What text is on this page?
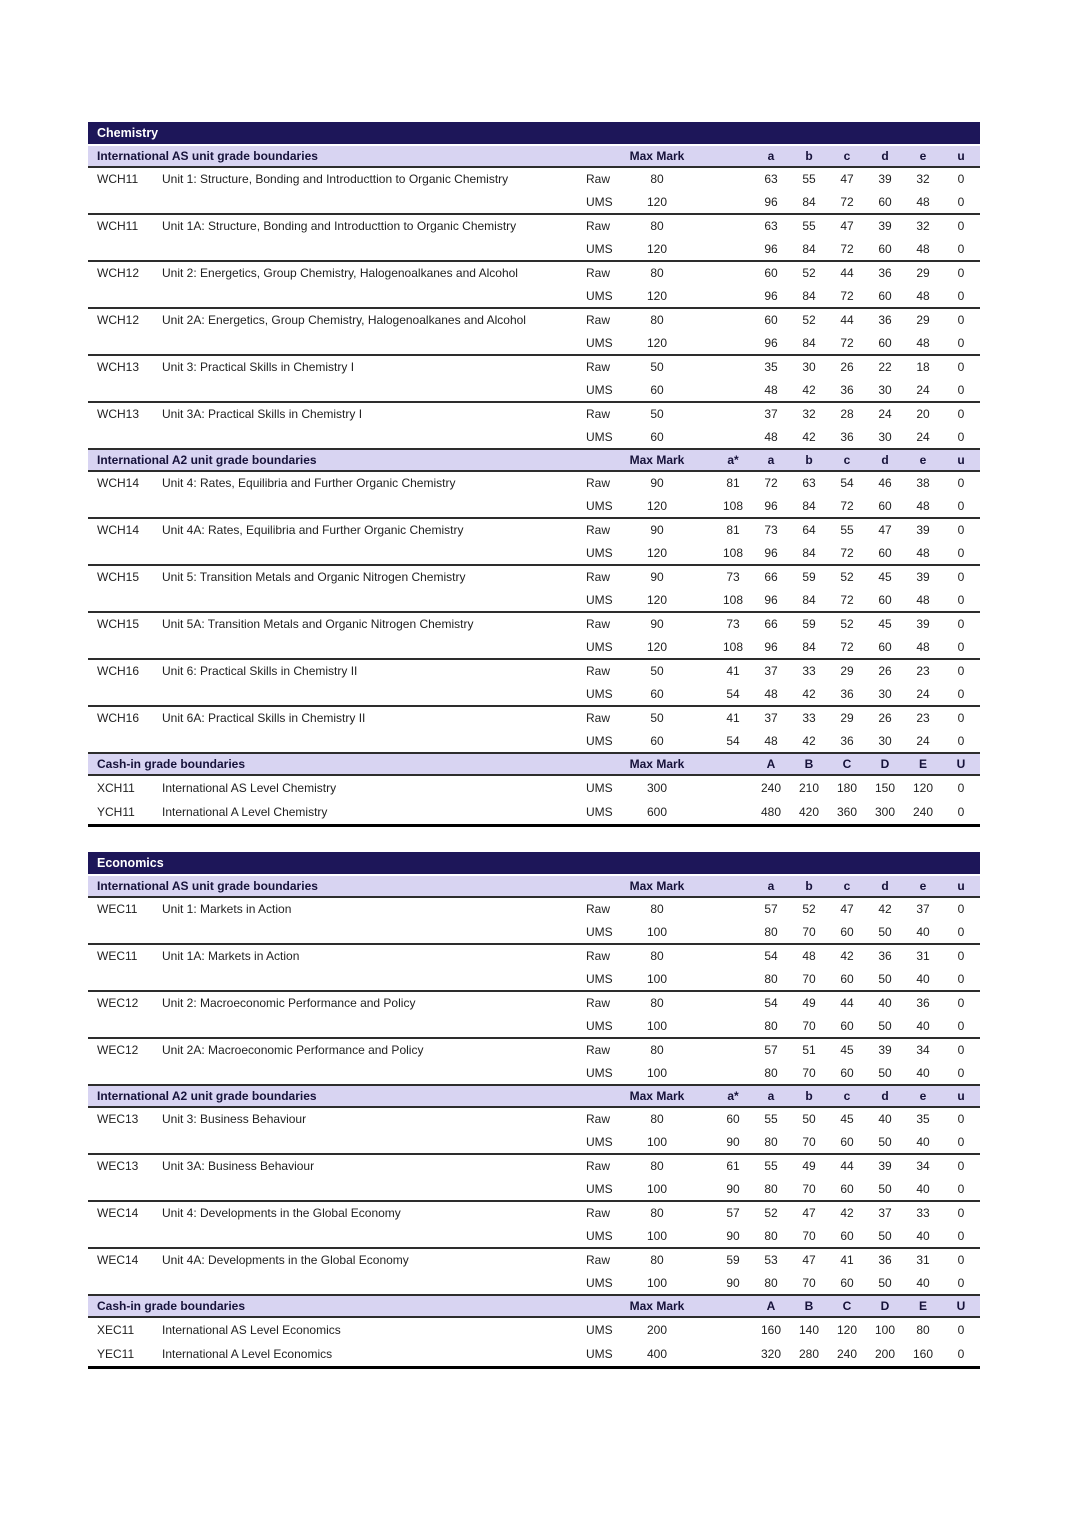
Chemistry
International AS unit grade boundaries	Max Mark	a	b	c	d	e	u
WCH11	Unit 1: Structure, Bonding and Introducttion to Organic Chemistry	Raw	80	63	55	47	39	32	0
UMS	120	96	84	72	60	48	0
WCH11	Unit 1A: Structure, Bonding and Introducttion to Organic Chemistry	Raw	80	63	55	47	39	32	0
UMS	120	96	84	72	60	48	0
WCH12	Unit 2: Energetics, Group Chemistry, Halogenoalkanes and Alcohol	Raw	80	60	52	44	36	29	0
UMS	120	96	84	72	60	48	0
WCH12	Unit 2A: Energetics, Group Chemistry, Halogenoalkanes and Alcohol	Raw	80	60	52	44	36	29	0
UMS	120	96	84	72	60	48	0
WCH13	Unit 3: Practical Skills in Chemistry I	Raw	50	35	30	26	22	18	0
UMS	60	48	42	36	30	24	0
WCH13	Unit 3A: Practical Skills in Chemistry I	Raw	50	37	32	28	24	20	0
UMS	60	48	42	36	30	24	0
International A2 unit grade boundaries	Max Mark	a*	a	b	c	d	e	u
WCH14	Unit 4: Rates, Equilibria and Further Organic Chemistry	Raw	90	81	72	63	54	46	38	0
UMS	120	108	96	84	72	60	48	0
WCH14	Unit 4A: Rates, Equilibria and Further Organic Chemistry	Raw	90	81	73	64	55	47	39	0
UMS	120	108	96	84	72	60	48	0
WCH15	Unit 5: Transition Metals and Organic Nitrogen Chemistry	Raw	90	73	66	59	52	45	39	0
UMS	120	108	96	84	72	60	48	0
WCH15	Unit 5A: Transition Metals and Organic Nitrogen Chemistry	Raw	90	73	66	59	52	45	39	0
UMS	120	108	96	84	72	60	48	0
WCH16	Unit 6: Practical Skills in Chemistry II	Raw	50	41	37	33	29	26	23	0
UMS	60	54	48	42	36	30	24	0
WCH16	Unit 6A: Practical Skills in Chemistry II	Raw	50	41	37	33	29	26	23	0
UMS	60	54	48	42	36	30	24	0
Cash-in grade boundaries	Max Mark	A	B	C	D	E	U
XCH11	International AS Level Chemistry	UMS	300	240	210	180	150	120	0
YCH11	International A Level Chemistry	UMS	600	480	420	360	300	240	0
Economics
International AS unit grade boundaries	Max Mark	a	b	c	d	e	u
WEC11	Unit 1: Markets in Action	Raw	80	57	52	47	42	37	0
UMS	100	80	70	60	50	40	0
WEC11	Unit 1A: Markets in Action	Raw	80	54	48	42	36	31	0
UMS	100	80	70	60	50	40	0
WEC12	Unit 2: Macroeconomic Performance and Policy	Raw	80	54	49	44	40	36	0
UMS	100	80	70	60	50	40	0
WEC12	Unit 2A: Macroeconomic Performance and Policy	Raw	80	57	51	45	39	34	0
UMS	100	80	70	60	50	40	0
International A2 unit grade boundaries	Max Mark	a*	a	b	c	d	e	u
WEC13	Unit 3: Business Behaviour	Raw	80	60	55	50	45	40	35	0
UMS	100	90	80	70	60	50	40	0
WEC13	Unit 3A: Business Behaviour	Raw	80	61	55	49	44	39	34	0
UMS	100	90	80	70	60	50	40	0
WEC14	Unit 4: Developments in the Global Economy	Raw	80	57	52	47	42	37	33	0
UMS	100	90	80	70	60	50	40	0
WEC14	Unit 4A: Developments in the Global Economy	Raw	80	59	53	47	41	36	31	0
UMS	100	90	80	70	60	50	40	0
Cash-in grade boundaries	Max Mark	A	B	C	D	E	U
XEC11	International AS Level Economics	UMS	200	160	140	120	100	80	0
YEC11	International A Level Economics	UMS	400	320	280	240	200	160	0
